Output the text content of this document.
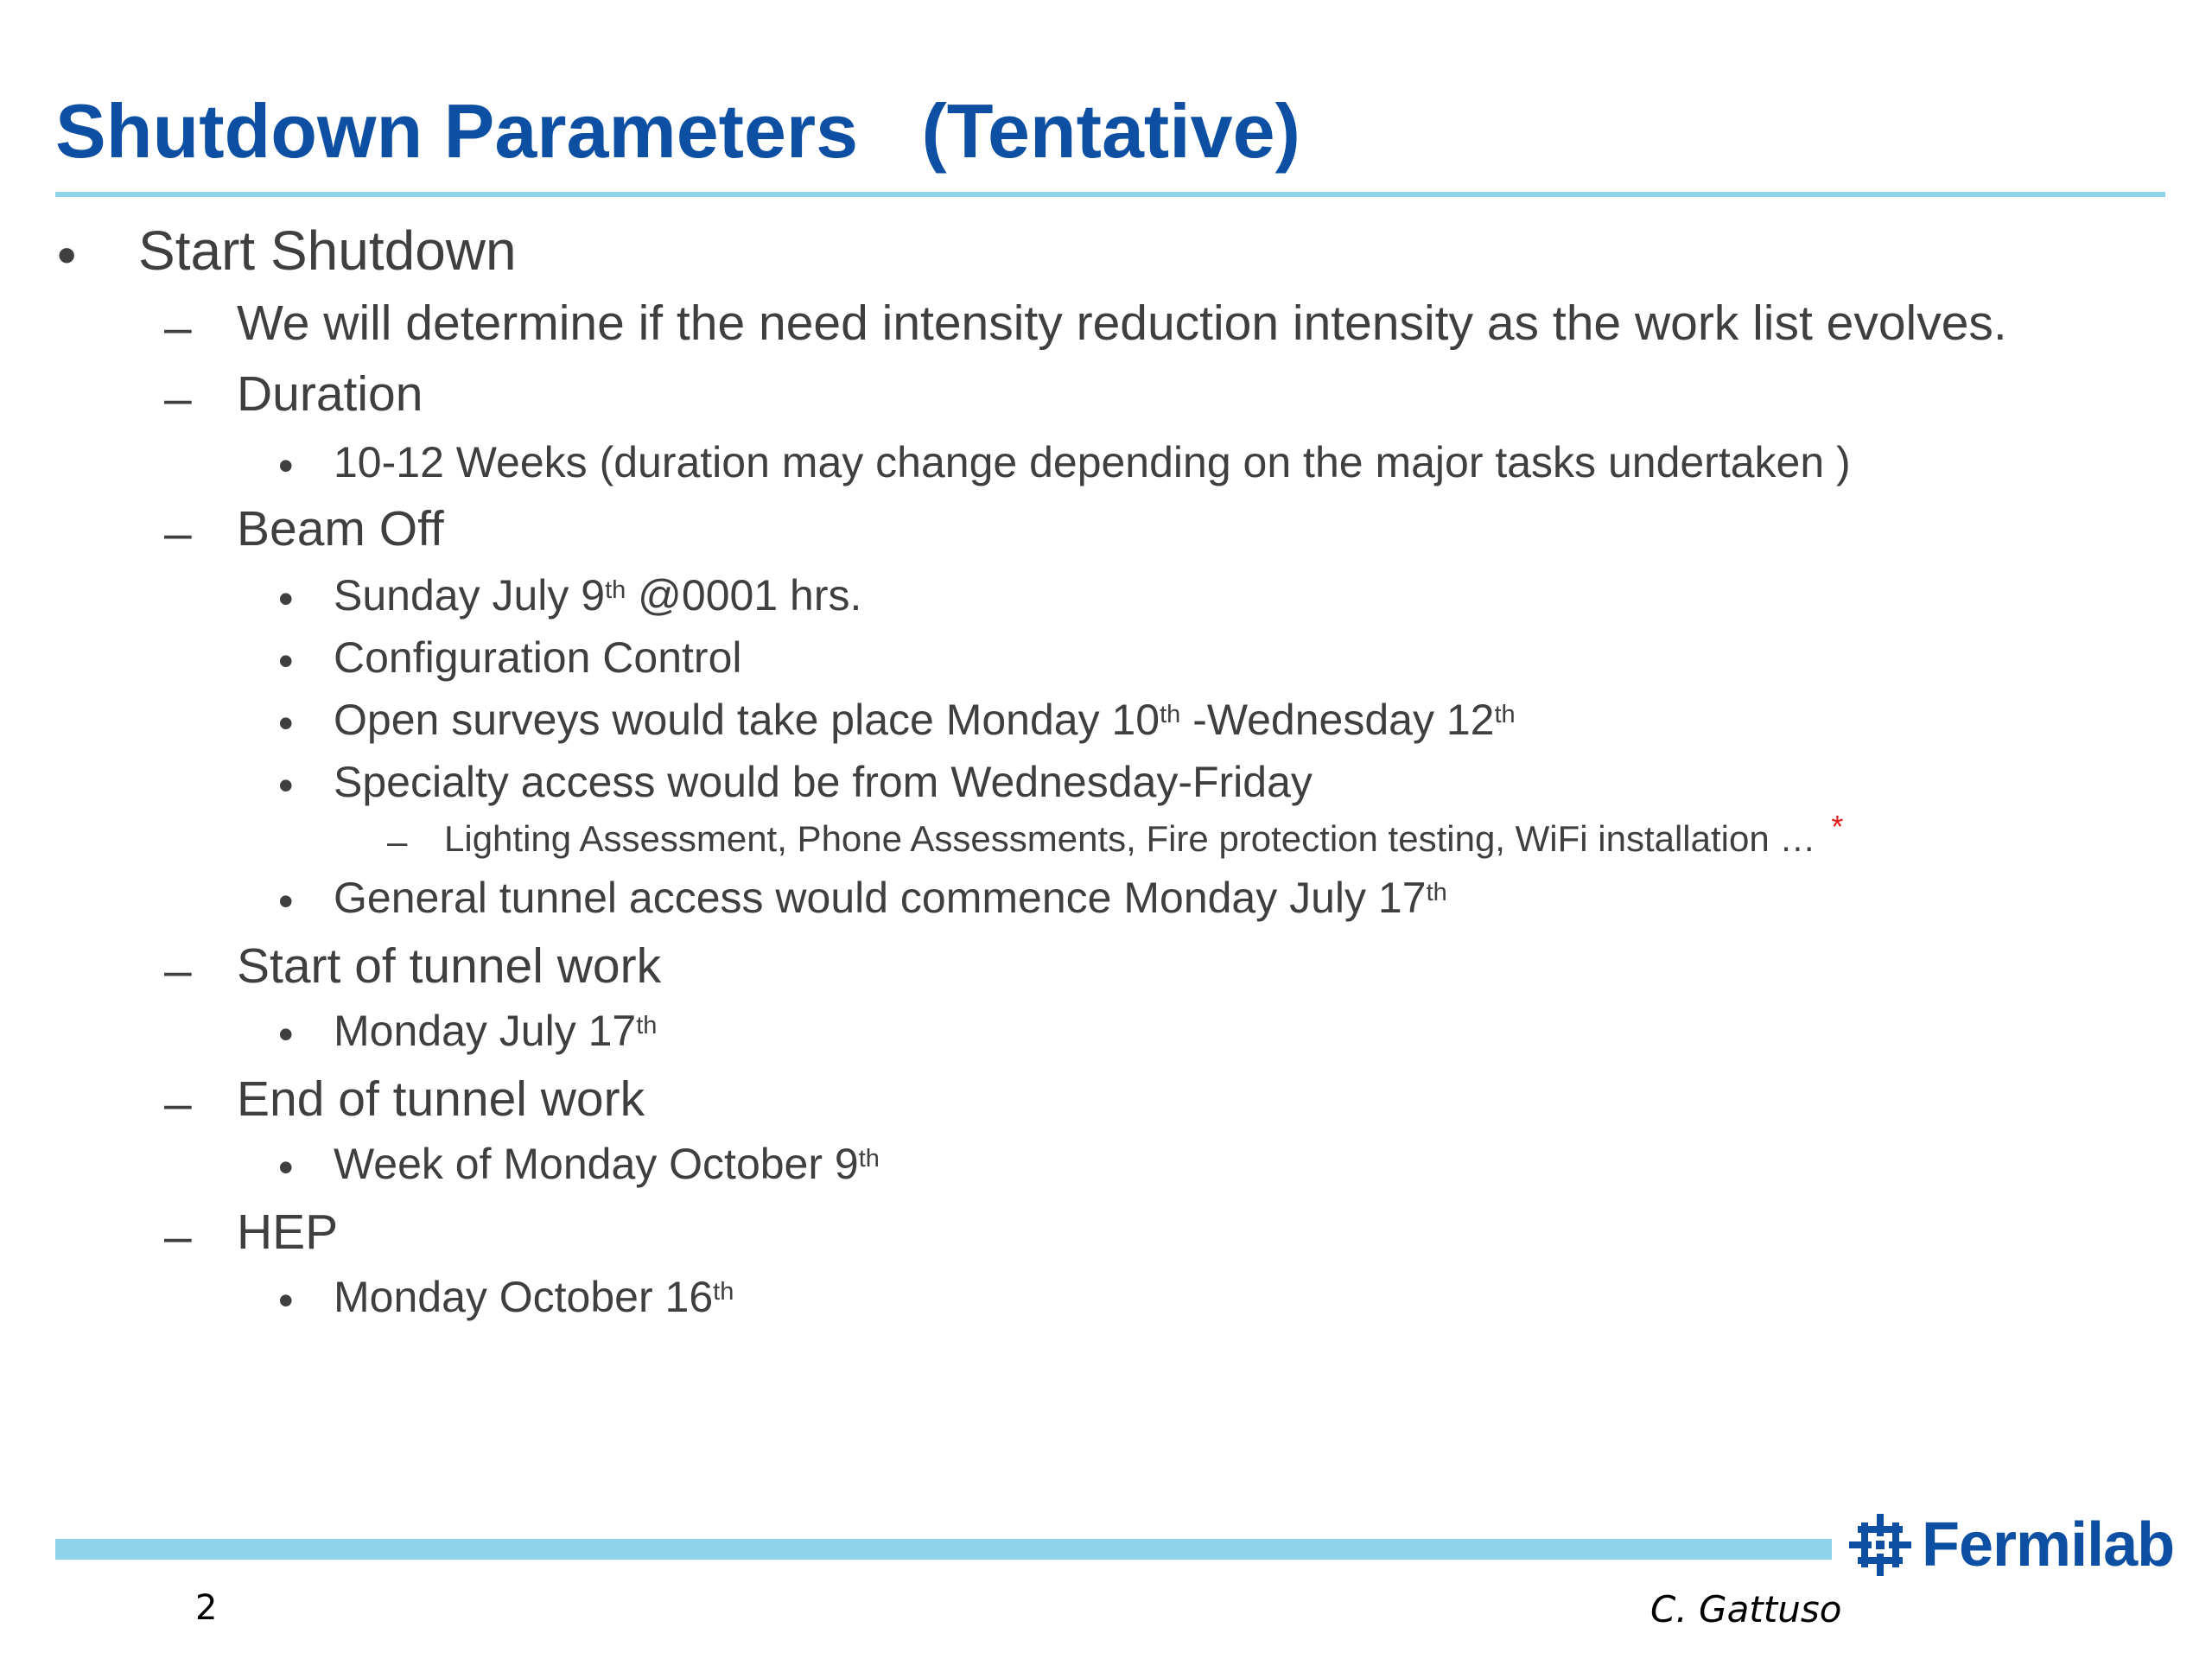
Shutdown Parameters   (Tentative)
• Start Shutdown
– We will determine if the need intensity reduction intensity as the work list evolves.
– Duration
• 10-12 Weeks (duration may change depending on the major tasks undertaken )
– Beam Off
• Sunday July 9th @0001 hrs.
• Configuration Control
• Open surveys would take place Monday 10th -Wednesday 12th
• Specialty access would be from Wednesday-Friday
– Lighting Assessment, Phone Assessments, Fire protection testing, WiFi installation … *
• General tunnel access would commence Monday July 17th
– Start of tunnel work
• Monday July 17th
– End of tunnel work
• Week of Monday October 9th
– HEP
• Monday October 16th
Fermilab
2	C. Gattuso
